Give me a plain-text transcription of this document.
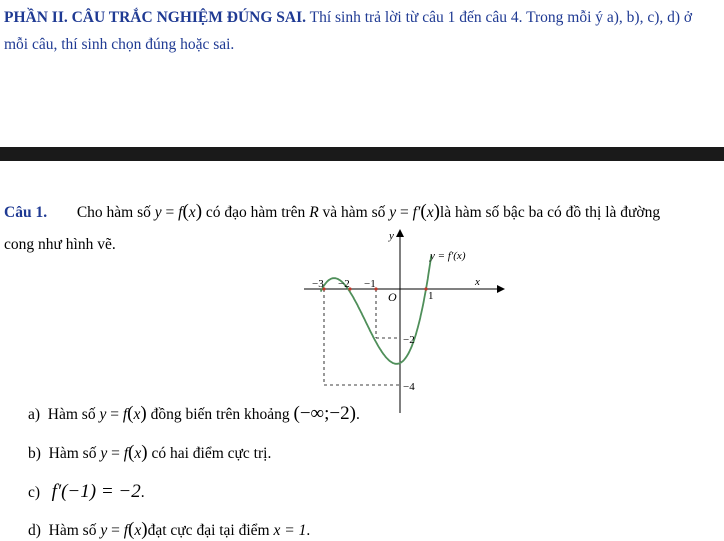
PHẦN II. CÂU TRẮC NGHIỆM ĐÚNG SAI. Thí sinh trả lời từ câu 1 đến câu 4. Trong mỗi ý a), b), c), d) ở
mỗi câu, thí sinh chọn đúng hoặc sai.
Câu 1. Cho hàm số y = f(x) có đạo hàm trên R và hàm số y = f′(x)là hàm số bậc ba có đồ thị là đường
cong như hình vẽ.
−3 −2 −1
1
−2
−4
O
y
x
y = f′(x)
a) Hàm số y = f(x) đồng biến trên khoảng (−∞;−2).
b) Hàm số y = f(x) có hai điểm cực trị.
c) f′(−1) = −2.
d) Hàm số y = f(x)đạt cực đại tại điểm x = 1.
